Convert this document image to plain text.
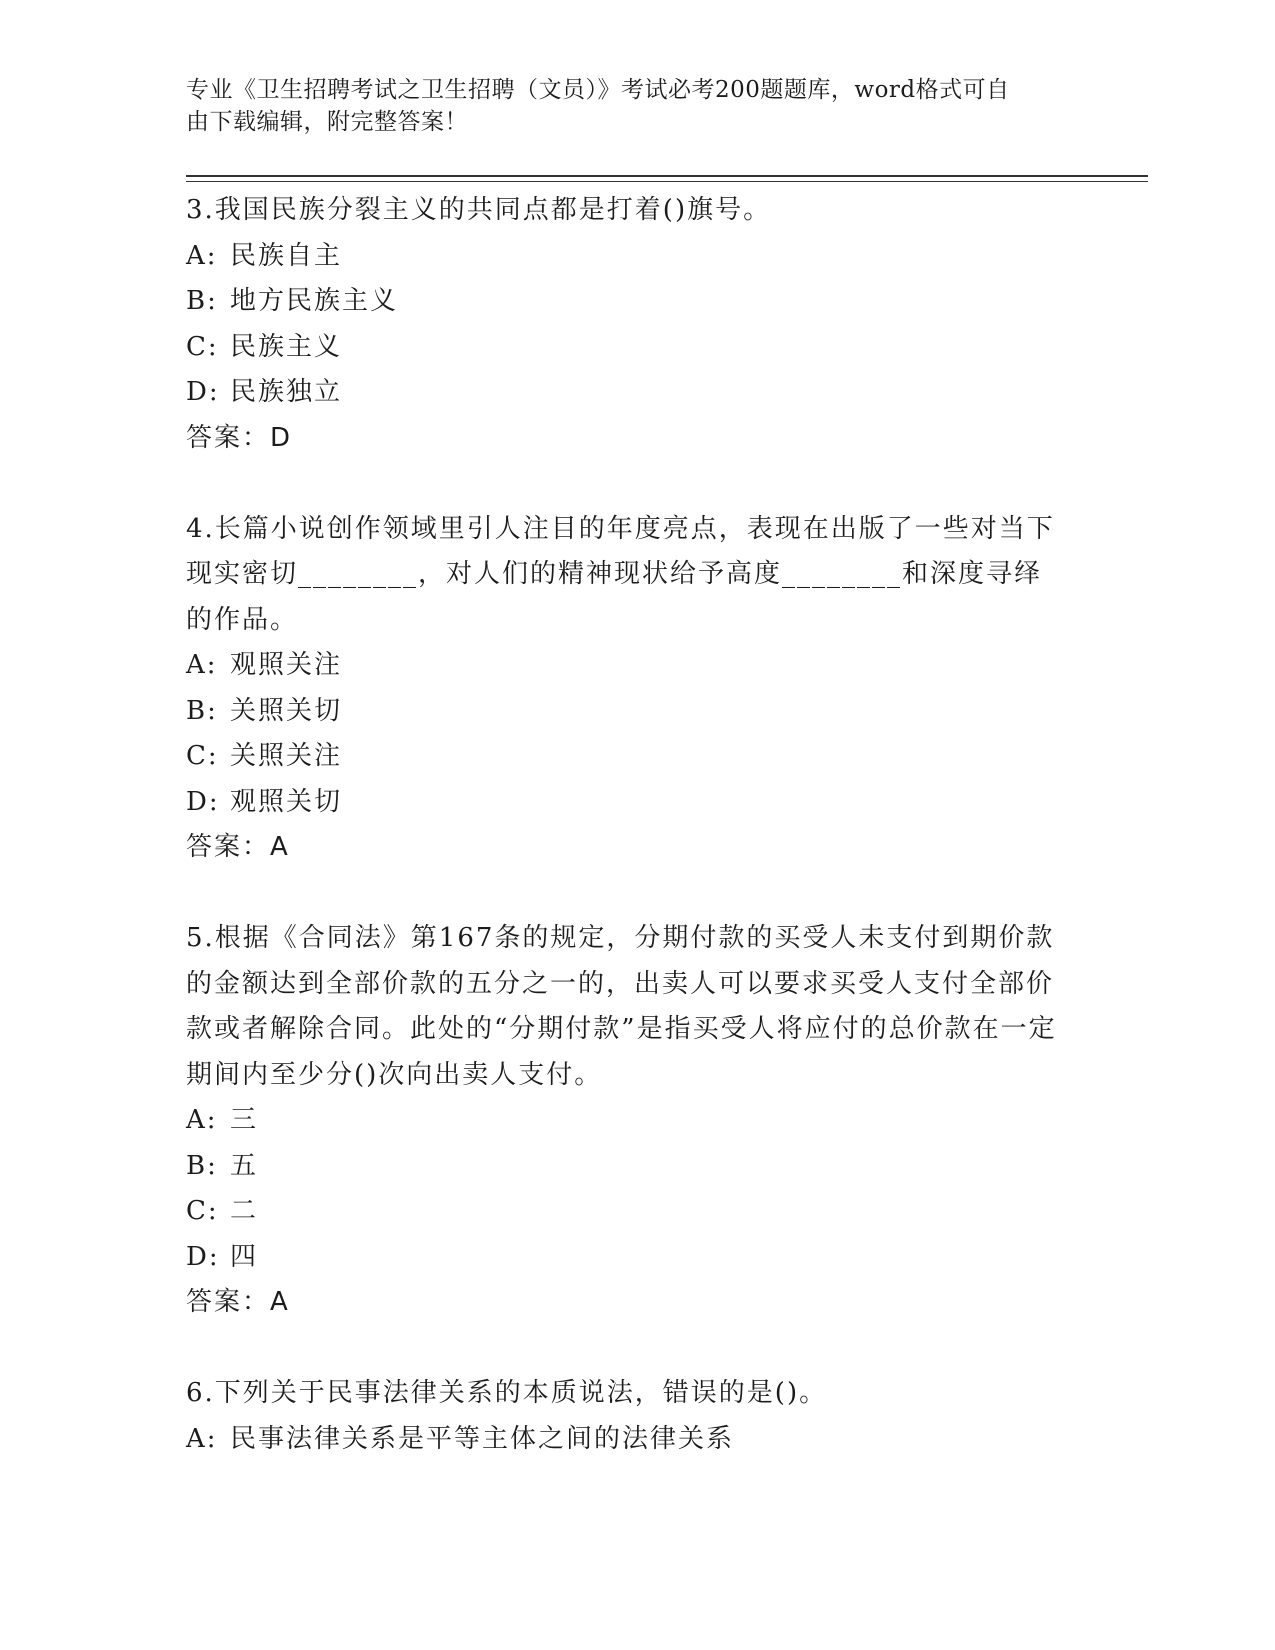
专业《卫生招聘考试之卫生招聘（文员）》考试必考200题题库，word格式可自
由下载编辑，附完整答案！

3.我国民族分裂主义的共同点都是打着()旗号。

A: 民族自主

B: 地方民族主义

C: 民族主义

D: 民族独立

答案：D

4.长篇小说创作领域里引人注目的年度亮点，表现在出版了一些对当下现实密切________，对人们的精神现状给予高度________和深度寻绎的作品。

A: 观照关注

B: 关照关切

C: 关照关注

D: 观照关切

答案：A

5.根据《合同法》第167条的规定，分期付款的买受人未支付到期价款的金额达到全部价款的五分之一的，出卖人可以要求买受人支付全部价款或者解除合同。此处的“分期付款”是指买受人将应付的总价款在一定期间内至少分()次向出卖人支付。

A: 三

B: 五

C: 二

D: 四

答案：A

6.下列关于民事法律关系的本质说法，错误的是()。

A: 民事法律关系是平等主体之间的法律关系
